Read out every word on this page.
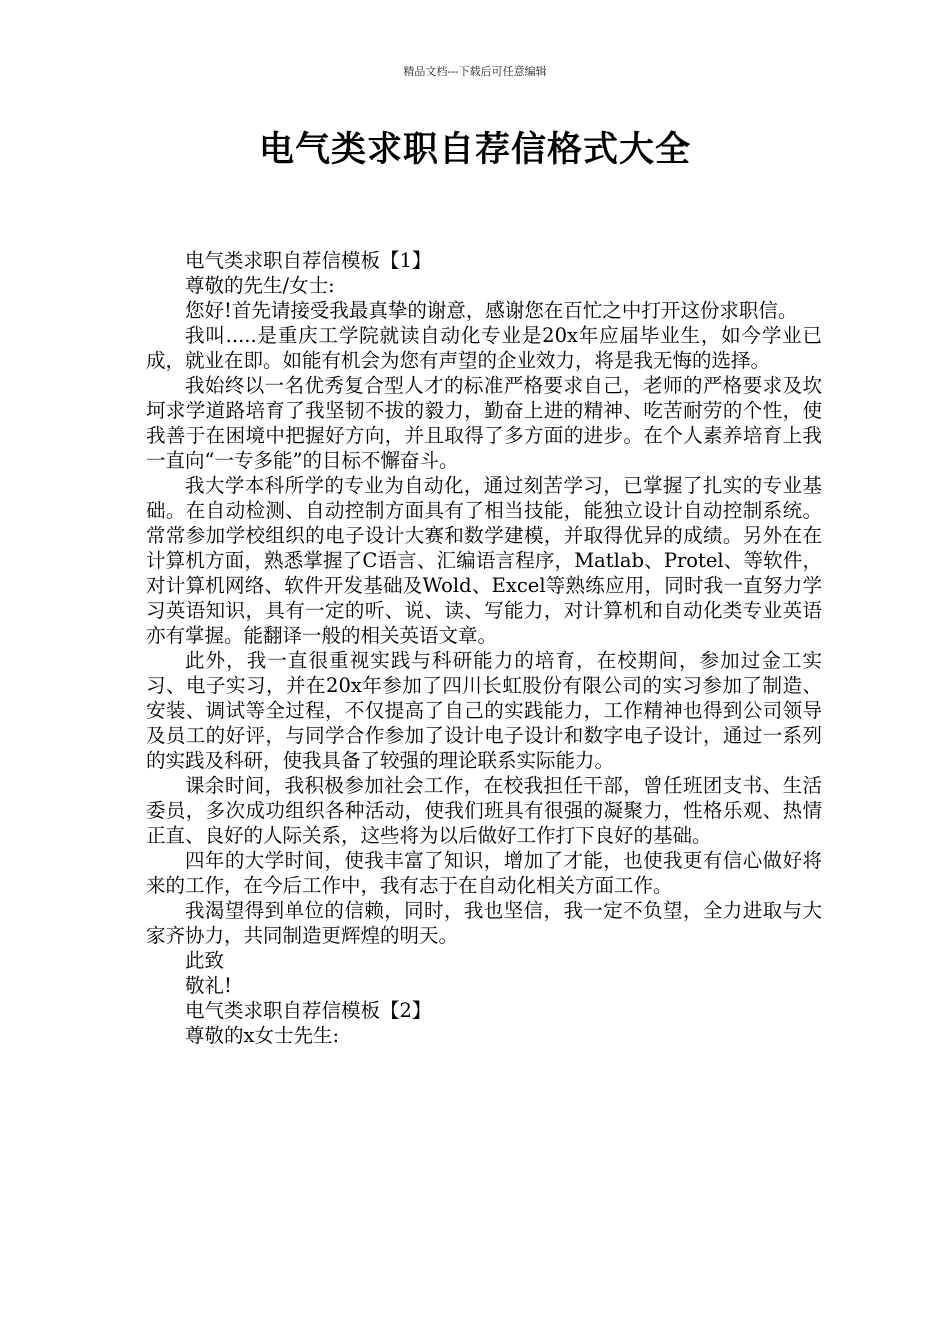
精品文档---下载后可任意编辑
电气类求职自荐信格式大全

电气类求职自荐信模板【1】

尊敬的先生/女士:

您好!首先请接受我最真挚的谢意，感谢您在百忙之中打开这份求职信。

我叫.....是重庆工学院就读自动化专业是20x年应届毕业生，如今学业已成，就业在即。如能有机会为您有声望的企业效力，将是我无悔的选择。

我始终以一名优秀复合型人才的标准严格要求自己，老师的严格要求及坎坷求学道路培育了我坚韧不拔的毅力，勤奋上进的精神、吃苦耐劳的个性，使我善于在困境中把握好方向，并且取得了多方面的进步。在个人素养培育上我一直向“一专多能”的目标不懈奋斗。

我大学本科所学的专业为自动化，通过刻苦学习，已掌握了扎实的专业基础。在自动检测、自动控制方面具有了相当技能，能独立设计自动控制系统。常常参加学校组织的电子设计大赛和数学建模，并取得优异的成绩。另外在在计算机方面，熟悉掌握了C语言、汇编语言程序，Matlab、Protel、等软件，对计算机网络、软件开发基础及Wold、Excel等熟练应用，同时我一直努力学习英语知识，具有一定的听、说、读、写能力，对计算机和自动化类专业英语亦有掌握。能翻译一般的相关英语文章。

此外，我一直很重视实践与科研能力的培育，在校期间，参加过金工实习、电子实习，并在20x年参加了四川长虹股份有限公司的实习参加了制造、安装、调试等全过程，不仅提高了自己的实践能力，工作精神也得到公司领导及员工的好评，与同学合作参加了设计电子设计和数字电子设计，通过一系列的实践及科研，使我具备了较强的理论联系实际能力。

课余时间，我积极参加社会工作，在校我担任干部，曾任班团支书、生活委员，多次成功组织各种活动，使我们班具有很强的凝聚力，性格乐观、热情正直、良好的人际关系，这些将为以后做好工作打下良好的基础。

四年的大学时间，使我丰富了知识，增加了才能，也使我更有信心做好将来的工作，在今后工作中，我有志于在自动化相关方面工作。

我渴望得到单位的信赖，同时，我也坚信，我一定不负望，全力进取与大家齐协力，共同制造更辉煌的明天。

此致

敬礼!

电气类求职自荐信模板【2】

尊敬的x女士先生:
